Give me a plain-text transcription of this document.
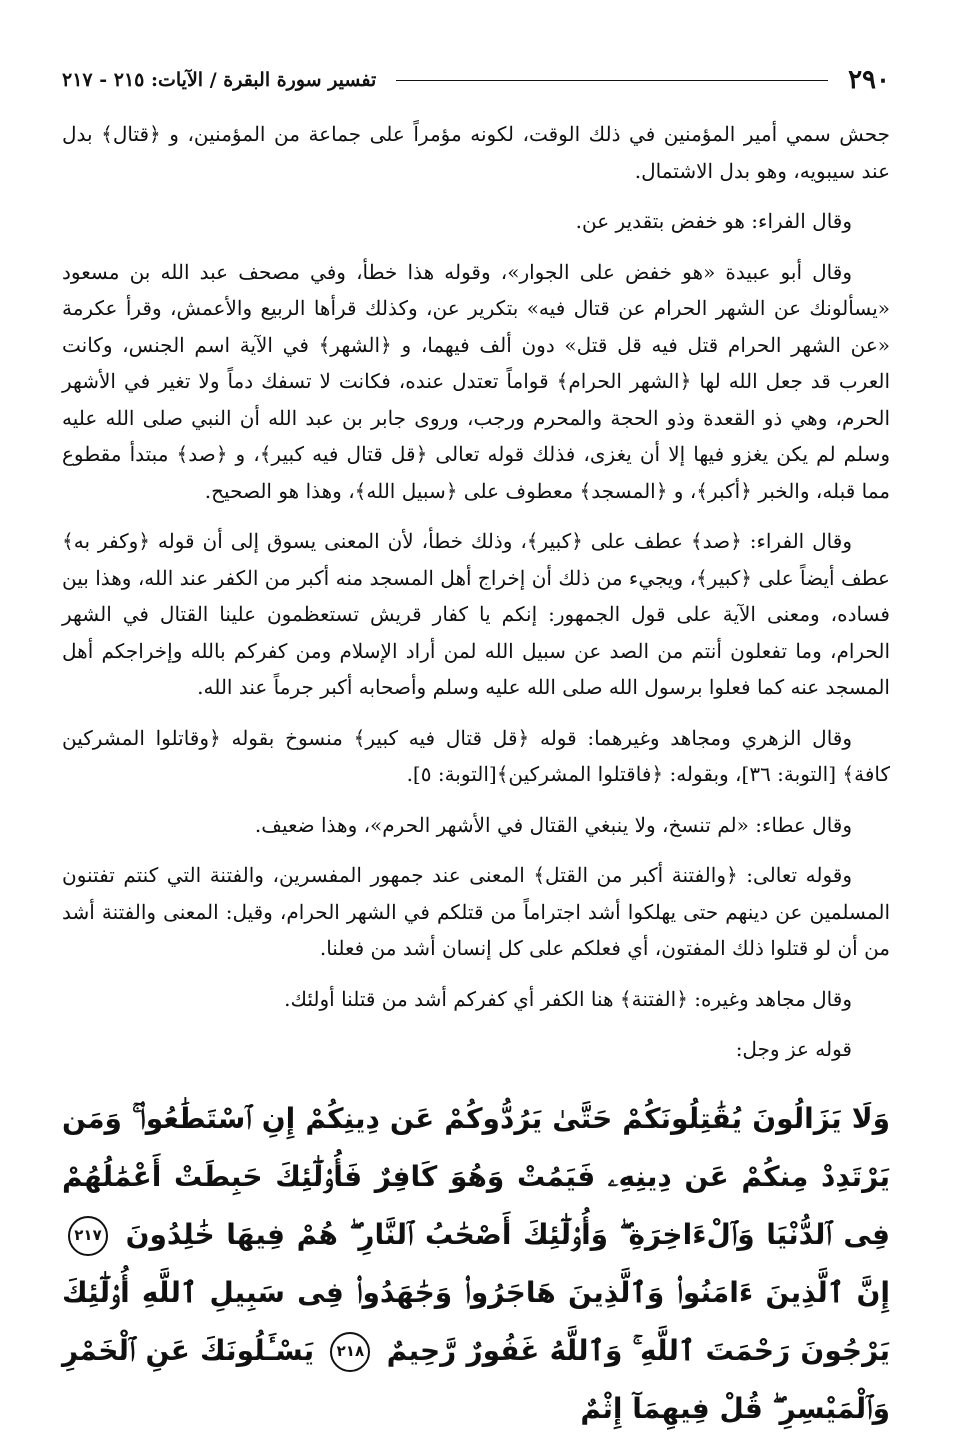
٢٩٠
تفسير سورة البقرة / الآيات: ٢١٥ - ٢١٧

جحش سمي أمير المؤمنين في ذلك الوقت، لكونه مؤمراً على جماعة من المؤمنين، و ﴿قتال﴾ بدل عند سيبويه، وهو بدل الاشتمال.

وقال الفراء: هو خفض بتقدير عن.

وقال أبو عبيدة «هو خفض على الجوار»، وقوله هذا خطأ، وفي مصحف عبد الله بن مسعود «يسألونك عن الشهر الحرام عن قتال فيه» بتكرير عن، وكذلك قرأها الربيع والأعمش، وقرأ عكرمة «عن الشهر الحرام قتل فيه قل قتل» دون ألف فيهما، و ﴿الشهر﴾ في الآية اسم الجنس، وكانت العرب قد جعل الله لها ﴿الشهر الحرام﴾ قواماً تعتدل عنده، فكانت لا تسفك دماً ولا تغير في الأشهر الحرم، وهي ذو القعدة وذو الحجة والمحرم ورجب، وروى جابر بن عبد الله أن النبي صلى الله عليه وسلم لم يكن يغزو فيها إلا أن يغزى، فذلك قوله تعالى ﴿قل قتال فيه كبير﴾، و ﴿صد﴾ مبتدأ مقطوع مما قبله، والخبر ﴿أكبر﴾، و ﴿المسجد﴾ معطوف على ﴿سبيل الله﴾، وهذا هو الصحيح.

وقال الفراء: ﴿صد﴾ عطف على ﴿كبير﴾، وذلك خطأ، لأن المعنى يسوق إلى أن قوله ﴿وكفر به﴾ عطف أيضاً على ﴿كبير﴾، ويجيء من ذلك أن إخراج أهل المسجد منه أكبر من الكفر عند الله، وهذا بين فساده، ومعنى الآية على قول الجمهور: إنكم يا كفار قريش تستعظمون علينا القتال في الشهر الحرام، وما تفعلون أنتم من الصد عن سبيل الله لمن أراد الإسلام ومن كفركم بالله وإخراجكم أهل المسجد عنه كما فعلوا برسول الله صلى الله عليه وسلم وأصحابه أكبر جرماً عند الله.

وقال الزهري ومجاهد وغيرهما: قوله ﴿قل قتال فيه كبير﴾ منسوخ بقوله ﴿وقاتلوا المشركين كافة﴾ [التوبة: ٣٦]، وبقوله: ﴿فاقتلوا المشركين﴾[التوبة: ٥].

وقال عطاء: «لم تنسخ، ولا ينبغي القتال في الأشهر الحرم»، وهذا ضعيف.

وقوله تعالى: ﴿والفتنة أكبر من القتل﴾ المعنى عند جمهور المفسرين، والفتنة التي كنتم تفتنون المسلمين عن دينهم حتى يهلكوا أشد اجتراماً من قتلكم في الشهر الحرام، وقيل: المعنى والفتنة أشد من أن لو قتلوا ذلك المفتون، أي فعلكم على كل إنسان أشد من فعلنا.

وقال مجاهد وغيره: ﴿الفتنة﴾ هنا الكفر أي كفركم أشد من قتلنا أولئك.

قوله عز وجل:

وَلَا يَزَالُونَ يُقَٰتِلُونَكُمْ حَتَّىٰ يَرُدُّوكُمْ عَن دِينِكُمْ إِنِ ٱسْتَطَٰعُوا۟ ۚ وَمَن يَرْتَدِدْ مِنكُمْ عَن دِينِهِۦ فَيَمُتْ وَهُوَ كَافِرٌ فَأُو۟لَٰٓئِكَ حَبِطَتْ أَعْمَٰلُهُمْ فِى ٱلدُّنْيَا وَٱلْءَاخِرَةِ ۖ وَأُو۟لَٰٓئِكَ أَصْحَٰبُ ٱلنَّارِ ۖ هُمْ فِيهَا خَٰلِدُونَ ٢١٧ إِنَّ ٱلَّذِينَ ءَامَنُوا۟ وَٱلَّذِينَ هَاجَرُوا۟ وَجَٰهَدُوا۟ فِى سَبِيلِ ٱللَّهِ أُو۟لَٰٓئِكَ يَرْجُونَ رَحْمَتَ ٱللَّهِ ۚ وَٱللَّهُ غَفُورٌ رَّحِيمٌ ٢١٨ يَسْـَٔلُونَكَ عَنِ ٱلْخَمْرِ وَٱلْمَيْسِرِ ۖ قُلْ فِيهِمَآ إِثْمٌ
